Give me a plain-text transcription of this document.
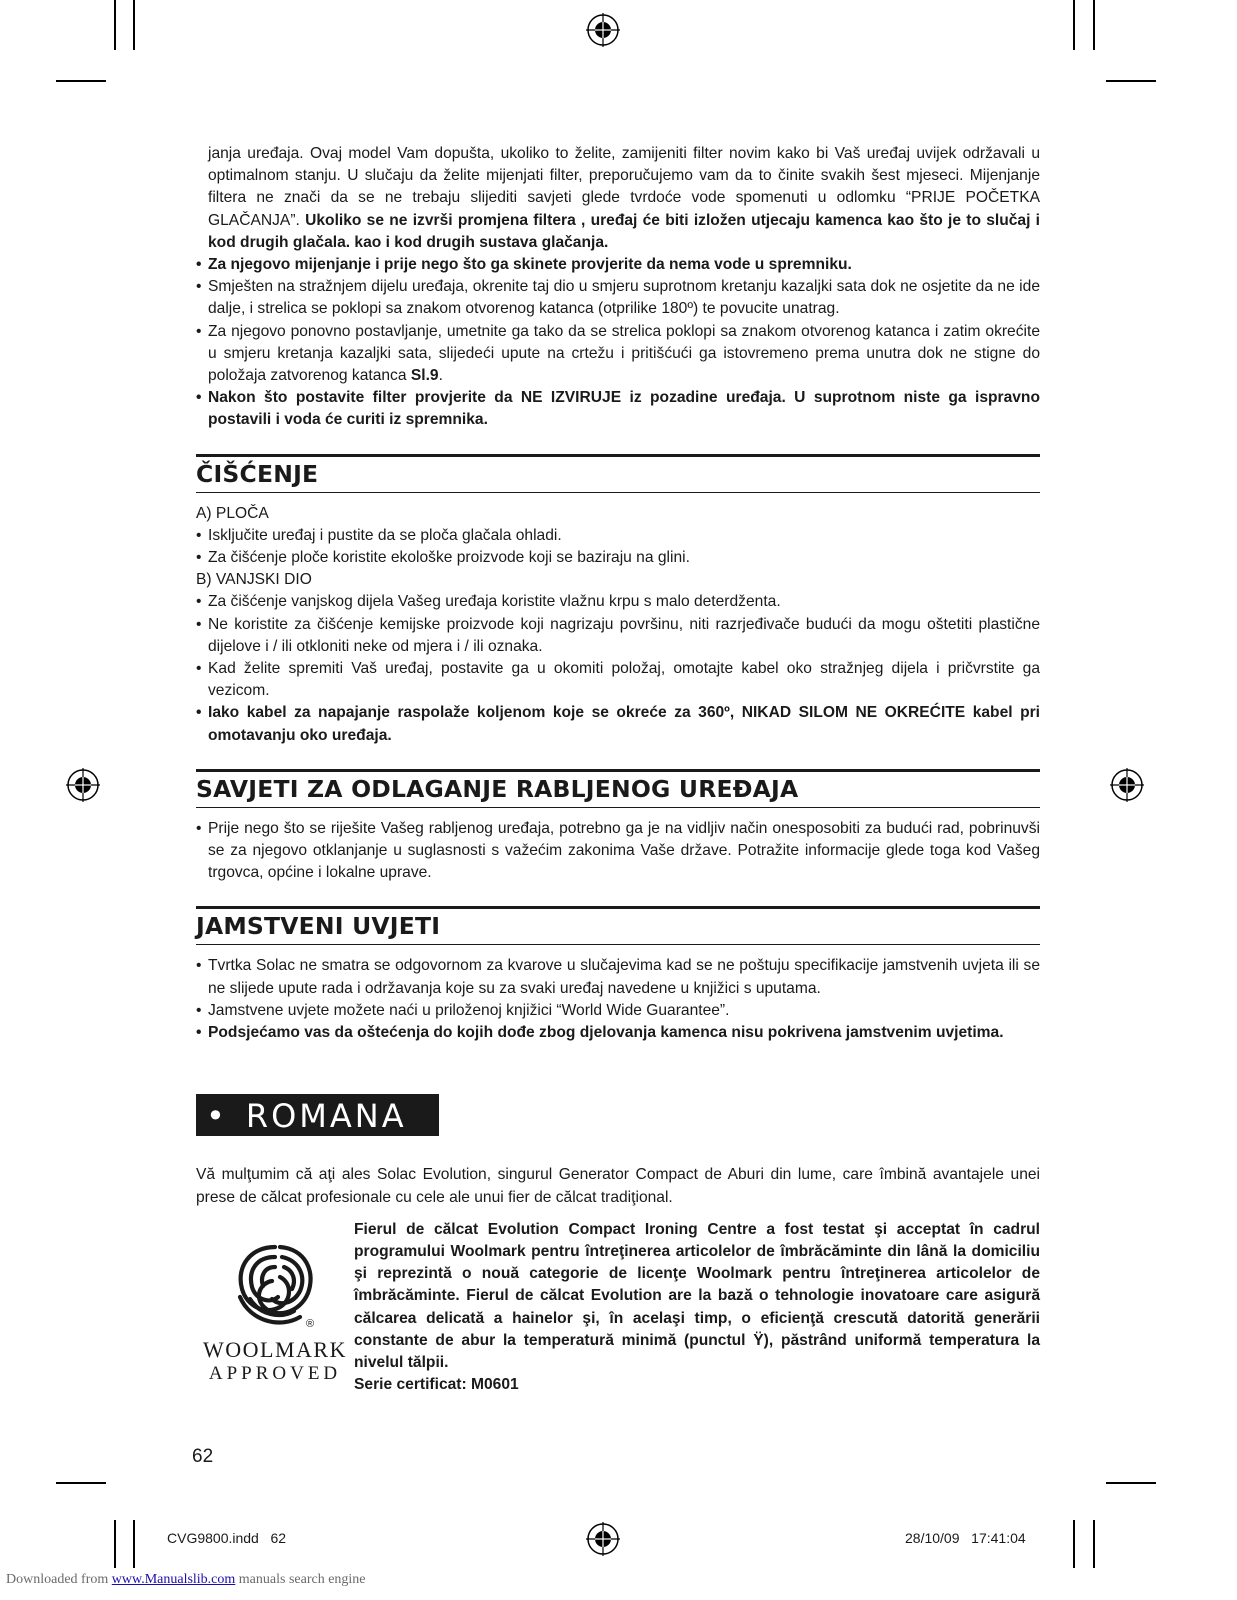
janja uređaja. Ovaj model Vam dopušta, ukoliko to želite, zamijeniti filter novim kako bi Vaš uređaj uvijek održavali u optimalnom stanju. U slučaju da želite mijenjati filter, preporučujemo vam da to činite svakih šest mjeseci. Mijenjanje filtera ne znači da se ne trebaju slijediti savjeti glede tvrdoće vode spomenuti u odlomku “PRIJE POČETKA GLAČANJA”. Ukoliko se ne izvrši promjena filtera , uređaj će biti izložen utjecaju kamenca kao što je to slučaj i kod drugih glačala. kao i kod drugih sustava glačanja.

• Za njegovo mijenjanje i prije nego što ga skinete provjerite da nema vode u spremniku.

• Smješten na stražnjem dijelu uređaja, okrenite taj dio u smjeru suprotnom kretanju kazaljki sata dok ne osjetite da ne ide dalje, i strelica se poklopi sa znakom otvorenog katanca (otprilike 180º) te povucite unatrag.

• Za njegovo ponovno postavljanje, umetnite ga tako da se strelica poklopi sa znakom otvorenog katanca i zatim okrećite u smjeru kretanja kazaljki sata, slijedeći upute na crtežu i pritišćući ga istovremeno prema unutra dok ne stigne do položaja zatvorenog katanca Sl.9.

• Nakon što postavite filter provjerite da NE IZVIRUJE iz pozadine uređaja. U suprotnom niste ga ispravno postavili i voda će curiti iz spremnika.

ČIŠĆENJE

A) PLOČA

• Isključite uređaj i pustite da se ploča glačala ohladi.

• Za čišćenje ploče koristite ekološke proizvode koji se baziraju na glini.

B) VANJSKI DIO

• Za čišćenje vanjskog dijela Vašeg uređaja koristite vlažnu krpu s malo deterdženta.

• Ne koristite za čišćenje kemijske proizvode koji nagrizaju površinu, niti razrjeđivače budući da mogu oštetiti plastične dijelove i / ili otkloniti neke od mjera i / ili oznaka.

• Kad želite spremiti Vaš uređaj, postavite ga u okomiti položaj, omotajte kabel oko stražnjeg dijela i pričvrstite ga vezicom.

• Iako kabel za napajanje raspolaže koljenom koje se okreće za 360º, NIKAD SILOM NE OKREĆITE kabel pri omotavanju oko uređaja.

SAVJETI ZA ODLAGANJE RABLJENOG UREĐAJA

• Prije nego što se riješite Vašeg rabljenog uređaja, potrebno ga je na vidljiv način onesposobiti za budući rad, pobrinuvši se za njegovo otklanjanje u suglasnosti s važećim zakonima Vaše države. Potražite informacije glede toga kod Vašeg trgovca, općine i lokalne uprave.

JAMSTVENI UVJETI

• Tvrtka Solac ne smatra se odgovornom za kvarove u slučajevima kad se ne poštuju specifikacije jamstvenih uvjeta ili se ne slijede upute rada i održavanja koje su za svaki uređaj navedene u knjižici s uputama.

• Jamstvene uvjete možete naći u priloženoj knjižici “World Wide Guarantee”.

• Podsjećamo vas da oštećenja do kojih dođe zbog djelovanja kamenca nisu pokrivena jamstvenim uvjetima.

• ROMANA

Vă mulţumim că aţi ales Solac Evolution, singurul Generator Compact de Aburi din lume, care îmbină avantajele unei prese de călcat profesionale cu cele ale unui fier de călcat tradiţional.

®
WOOLMARK
APPROVED

Fierul de călcat Evolution Compact Ironing Centre a fost testat şi acceptat în cadrul programului Woolmark pentru întreţinerea articolelor de îmbrăcăminte din lână la domiciliu şi reprezintă o nouă categorie de licenţe Woolmark pentru întreţinerea articolelor de îmbrăcăminte. Fierul de călcat Evolution are la bază o tehnologie inovatoare care asigură călcarea delicată a hainelor şi, în acelaşi timp, o eficienţă crescută datorită generării constante de abur la temperatură minimă (punctul Ÿ), păstrând uniformă temperatura la nivelul tălpii.

Serie certificat: M0601

62
CVG9800.indd   62	28/10/09   17:41:04
Downloaded from www.Manualslib.com manuals search engine
